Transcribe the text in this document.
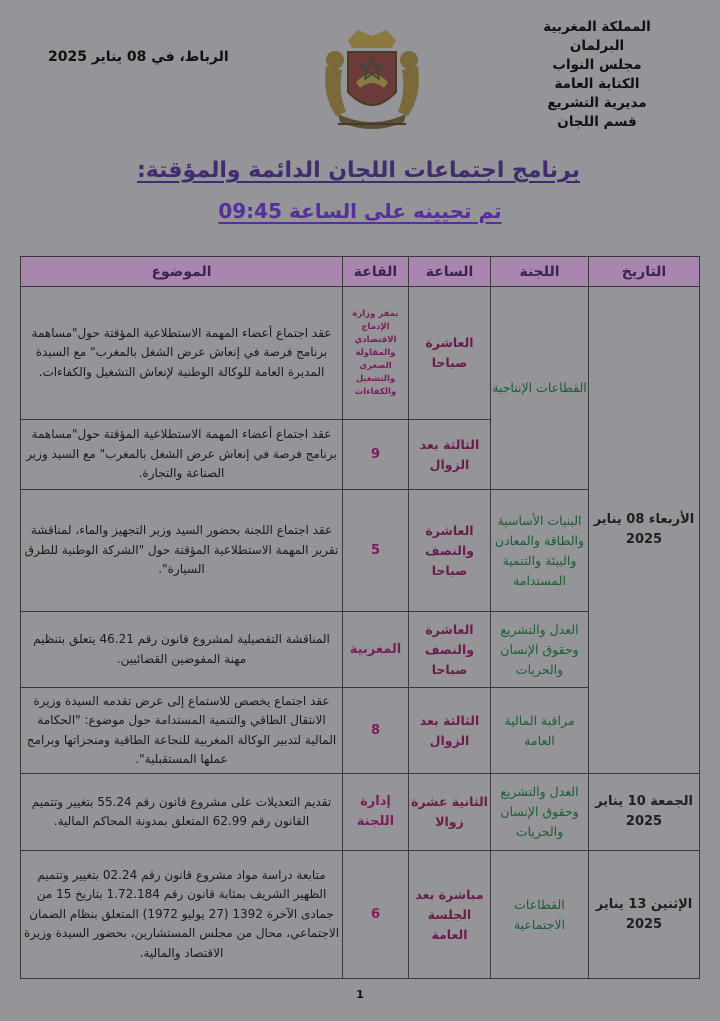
المملكة المغربية
البرلمان
مجلس النواب
الكتابة العامة
مديرية التشريع
قسم اللجان
الرباط، في 08 يناير 2025
برنامج اجتماعات اللجان الدائمة والمؤقتة:
تم تحيينه على الساعة 09:45
التاريخ	اللجنة	الساعة	القاعة	الموضوع
الأربعاء 08 يناير 2025	القطاعات الإنتاجية	العاشرة صباحا	بمقر وزارة الإدماج الاقتصادي والمقاولة الصغرى والتشغيل والكفاءات	عقد اجتماع أعضاء المهمة الاستطلاعية المؤقتة حول"مساهمة برنامج فرصة في إنعاش عرض الشغل بالمغرب" مع السيدة المديرة العامة للوكالة الوطنية لإنعاش التشغيل والكفاءات.
		الثالثة بعد الزوال	9	عقد اجتماع أعضاء المهمة الاستطلاعية المؤقتة حول"مساهمة برنامج فرصة في إنعاش عرض الشغل بالمغرب" مع السيد وزير الصناعة والتجارة.
	البنيات الأساسية والطاقة والمعادن والبيئة والتنمية المستدامة	العاشرة والنصف صباحا	5	عقد اجتماع اللجنة بحضور السيد وزير التجهيز والماء، لمناقشة تقرير المهمة الاستطلاعية المؤقتة حول "الشركة الوطنية للطرق السيارة".
	العدل والتشريع وحقوق الإنسان والحريات	العاشرة والنصف صباحا	المغربية	المناقشة التفصيلية لمشروع قانون رقم 46.21 يتعلق بتنظيم مهنة المفوضين القضائيين.
	مراقبة المالية العامة	الثالثة بعد الزوال	8	عقد اجتماع يخصص للاستماع إلى عرض تقدمه السيدة وزيرة الانتقال الطاقي والتنمية المستدامة حول موضوع: "الحكامة المالية لتدبير الوكالة المغربية للنجاعة الطاقية ومنجزاتها وبرامج عملها المستقبلية".
الجمعة 10 يناير 2025	العدل والتشريع وحقوق الإنسان والحريات	الثانية عشرة زوالا	إدارة اللجنة	تقديم التعديلات على مشروع قانون رقم 55.24 بتغيير وتتميم القانون رقم 62.99 المتعلق بمدونة المحاكم المالية.
الإثنين 13 يناير 2025	القطاعات الاجتماعية	مباشرة بعد الجلسة العامة	6	متابعة دراسة مواد مشروع قانون رقم 02.24 بتغيير وتتميم الظهير الشريف بمثابة قانون رقم 1.72.184 بتاريخ 15 من جمادى الآخرة 1392 (27 يوليو 1972) المتعلق بنظام الضمان الاجتماعي، محال من مجلس المستشارين، بحضور السيدة وزيرة الاقتصاد والمالية.
1
